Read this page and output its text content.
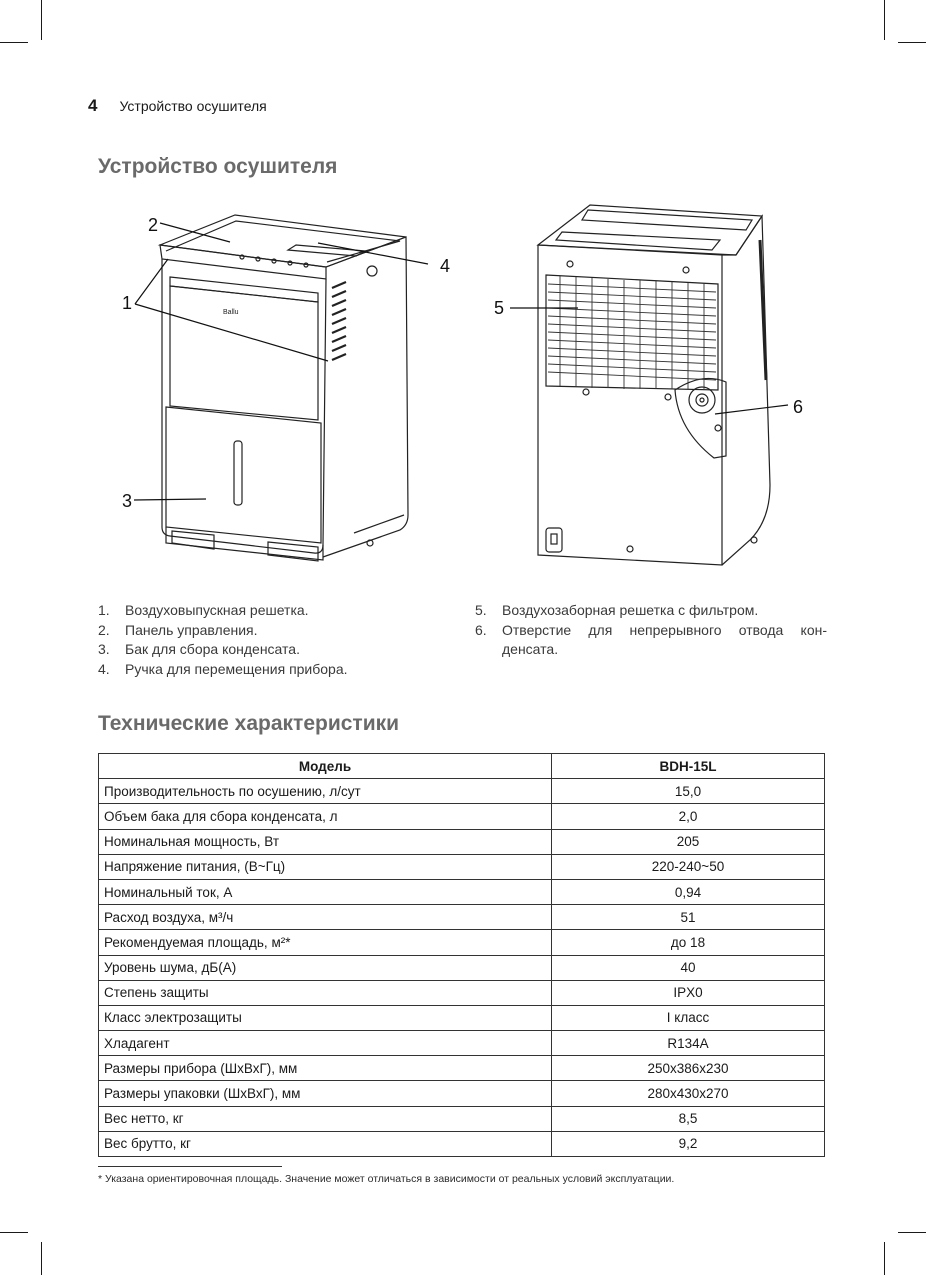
4 Устройство осушителя
Устройство осушителя
Ballu
2
1
3
4
5
6
1.	Воздуховыпускная решетка.
2.	Панель управления.
3.	Бак для сбора конденсата.
4.	Ручка для перемещения прибора.
5.	Воздухозаборная решетка с фильтром.
6.	Отверстие для непрерывного отвода кон-денсата.
Технические характеристики
Модель	BDH-15L
Производительность по осушению, л/сут	15,0
Объем бака для сбора конденсата, л	2,0
Номинальная мощность, Вт	205
Напряжение питания, (В~Гц)	220-240~50
Номинальный ток, А	0,94
Расход воздуха, м³/ч	51
Рекомендуемая площадь, м²*	до 18
Уровень шума, дБ(А)	40
Степень защиты	IPX0
Класс электрозащиты	I класс
Хладагент	R134A
Размеры прибора (ШхВхГ), мм	250x386x230
Размеры упаковки (ШхВхГ), мм	280x430x270
Вес нетто, кг	8,5
Вес брутто, кг	9,2
* Указана ориентировочная площадь. Значение может отличаться в зависимости от реальных условий эксплуатации.
